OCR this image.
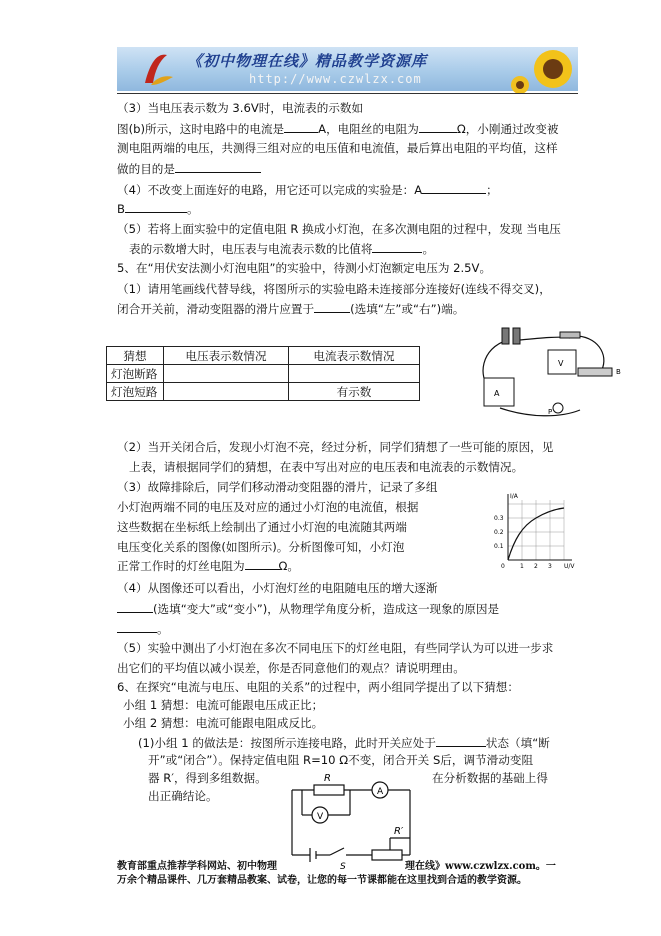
《初中物理在线》精品教学资源库
http://www.czwlzx.com
（3）当电压表示数为 3.6V时，电流表的示数如
图(b)所示，这时电路中的电流是	A，电阻丝的电阻为	Ω，小刚通过改变被
测电阻两端的电压，共测得三组对应的电压值和电流值，最后算出电阻的平均值，这样
做的目的是
（4）不改变上面连好的电路，用它还可以完成的实验是：A	；
B	。
（5）若将上面实验中的定值电阻 R 换成小灯泡，在多次测电阻的过程中，发现 当电压
表的示数增大时，电压表与电流表示数的比值将	。
5、在“用伏安法测小灯泡电阻”的实验中，待测小灯泡额定电压为 2.5V。
（1）请用笔画线代替导线，将图所示的实验电路未连接部分连接好(连线不得交叉)，
闭合开关前，滑动变阻器的滑片应置于	(选填“左”或“右”)端。
V
A
B
P
猜想	电压表示数情况	电流表示数情况
灯泡断路		
灯泡短路		有示数
（2）当开关闭合后，发现小灯泡不亮，经过分析，同学们猜想了一些可能的原因，见
上表，请根据同学们的猜想，在表中写出对应的电压表和电流表的示数情况。
（3）故障排除后，同学们移动滑动变阻器的滑片，记录了多组
小灯泡两端不同的电压及对应的通过小灯泡的电流值，根据
这些数据在坐标纸上绘制出了通过小灯泡的电流随其两端
电压变化关系的图像(如图所示)。分析图像可知，小灯泡
正常工作时的灯丝电阻为	Ω。
I/A
U/V
0.3
0.2
0.1
0	1 2 3
（4）从图像还可以看出，小灯泡灯丝的电阻随电压的增大逐渐
(选填“变大”或“变小”)，从物理学角度分析，造成这一现象的原因是
。
（5）实验中测出了小灯泡在多次不同电压下的灯丝电阻，有些同学认为可以进一步求
出它们的平均值以减小误差，你是否同意他们的观点？请说明理由。
6、在探究“电流与电压、电阻的关系”的过程中，两小组同学提出了以下猜想：
小组 1 猜想：电流可能跟电压成正比；
小组 2 猜想：电流可能跟电阻成反比。
(1)小组 1 的做法是：按图所示连接电路，此时开关应处于	状态（填“断
开”或“闭合”）。保持定值电阻 R=10 Ω不变，闭合开关 S后，调节滑动变阻
器 R′，得到多组数据。	在分析数据的基础上得
出正确结论。
R
A
V
R′
S
教育部重点推荐学科网站、初中物理	理在线》www.czwlzx.com。一
万余个精品课件、几万套精品教案、试卷，让您的每一节课都能在这里找到合适的教学资源。
